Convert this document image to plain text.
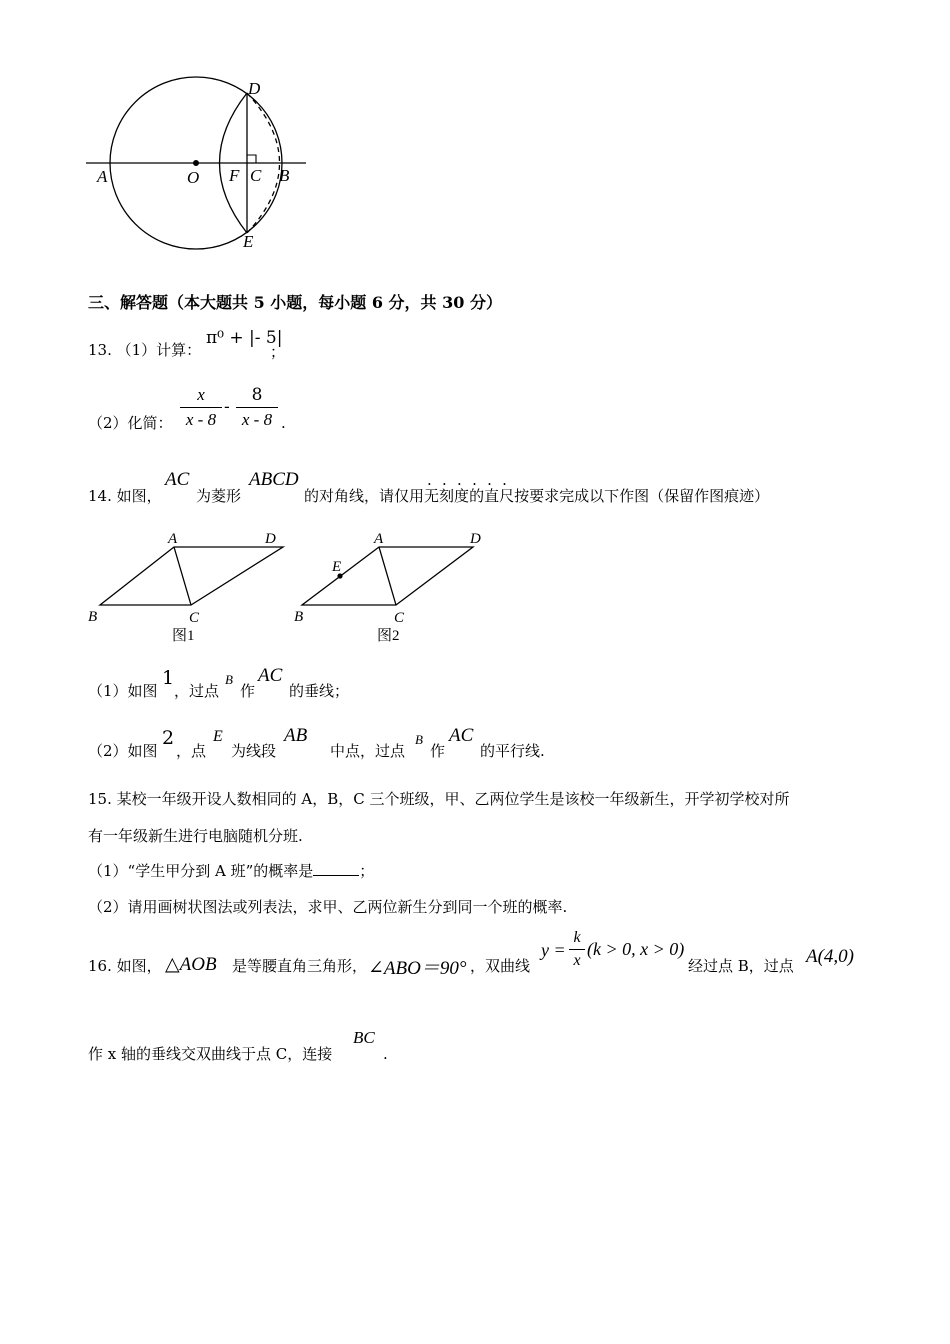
A	O F C B
D
E
三、解答题（本大题共 5 小题，每小题 6 分，共 30 分）
13. （1）计算：
π⁰ + |- 5|
；
（2）化简：
x
x - 8
-
8
x - 8 .
14. 如图，
AC
为菱形
ABCD
的对角线，请仅用无刻度的直尺按要求完成以下作图（保留作图痕迹）
A	D
B	C
图1
A	D
E
B	C
图2
（1）如图
1
，过点
B
作
AC
的垂线；
（2）如图
2
，点
E
为线段
AB
中点，过点
B
作
AC
的平行线.
15. 某校一年级开设人数相同的 A，B，C 三个班级，甲、乙两位学生是该校一年级新生，开学初学校对所
有一年级新生进行电脑随机分班.
（1）“学生甲分到 A 班”的概率是	；
（2）请用画树状图法或列表法，求甲、乙两位新生分到同一个班的概率.
16. 如图， △AOB 是等腰直角三角形， ∠ABO＝90° ，双曲线
y =
k
x
(k > 0, x > 0)
经过点 B，过点 A(4,0)
作 x 轴的垂线交双曲线于点 C，连接
BC
.
